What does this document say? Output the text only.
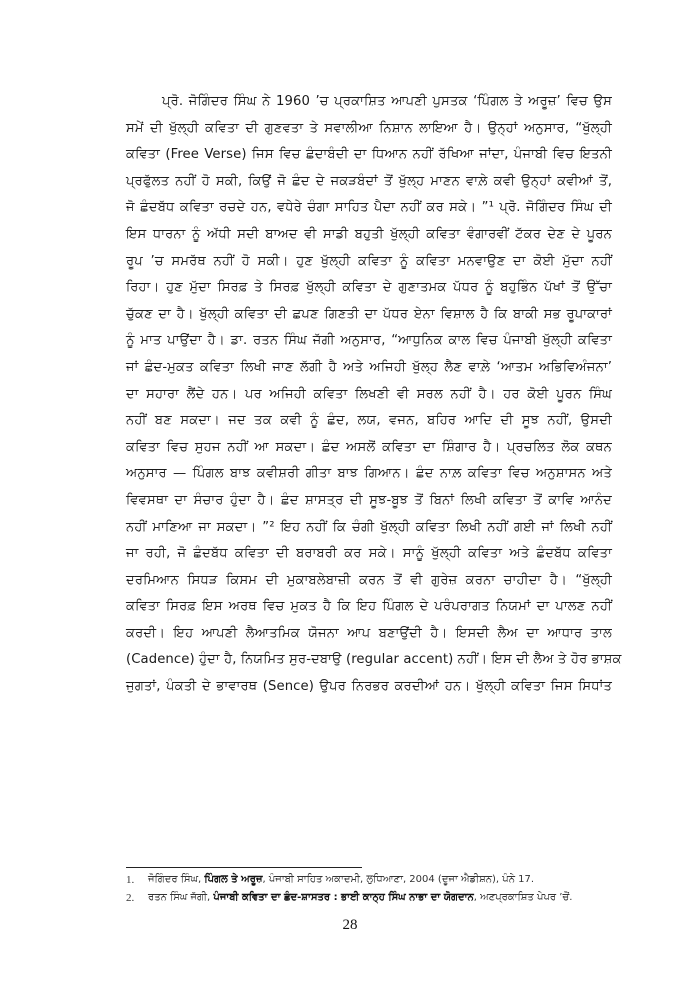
ਪ੍ਰੋ. ਜੋਗਿੰਦਰ ਸਿੰਘ ਨੇ 1960 ’ਚ ਪ੍ਰਕਾਸ਼ਿਤ ਆਪਣੀ ਪੁਸਤਕ ‘ਪਿੰਗਲ ਤੇ ਅਰੂਜ਼’ ਵਿਚ ਉਸ
ਸਮੇਂ ਦੀ ਖੁੱਲ੍ਹੀ ਕਵਿਤਾ ਦੀ ਗੁਣਵਤਾ ਤੇ ਸਵਾਲੀਆ ਨਿਸ਼ਾਨ ਲਾਇਆ ਹੈ। ਉਨ੍ਹਾਂ ਅਨੁਸਾਰ, “ਖੁੱਲ੍ਹੀ
ਕਵਿਤਾ (Free Verse) ਜਿਸ ਵਿਚ ਛੰਦਾਬੰਦੀ ਦਾ ਧਿਆਨ ਨਹੀਂ ਰੱਖਿਆ ਜਾਂਦਾ, ਪੰਜਾਬੀ ਵਿਚ ਇਤਨੀ
ਪ੍ਰਫੁੱਲਤ ਨਹੀਂ ਹੋ ਸਕੀ, ਕਿਉਂ ਜੋ ਛੰਦ ਦੇ ਜਕੜਬੰਦਾਂ ਤੋਂ ਖੁੱਲ੍ਹ ਮਾਣਨ ਵਾਲ਼ੇ ਕਵੀ ਉਨ੍ਹਾਂ ਕਵੀਆਂ ਤੋਂ,
ਜੋ ਛੰਦਬੱਧ ਕਵਿਤਾ ਰਚਦੇ ਹਨ, ਵਧੇਰੇ ਚੰਗਾ ਸਾਹਿਤ ਪੈਦਾ ਨਹੀਂ ਕਰ ਸਕੇ। ”¹ ਪ੍ਰੋ. ਜੋਗਿੰਦਰ ਸਿੰਘ ਦੀ
ਇਸ ਧਾਰਨਾ ਨੂੰ ਅੱਧੀ ਸਦੀ ਬਾਅਦ ਵੀ ਸਾਡੀ ਬਹੁਤੀ ਖੁੱਲ੍ਹੀ ਕਵਿਤਾ ਵੰਗਾਰਵੀਂ ਟੱਕਰ ਦੇਣ ਦੇ ਪੂਰਨ
ਰੂਪ ’ਚ ਸਮਰੱਥ ਨਹੀਂ ਹੋ ਸਕੀ। ਹੁਣ ਖੁੱਲ੍ਹੀ ਕਵਿਤਾ ਨੂੰ ਕਵਿਤਾ ਮਨਵਾਉਣ ਦਾ ਕੋਈ ਮੁੱਦਾ ਨਹੀਂ
ਰਿਹਾ। ਹੁਣ ਮੁੱਦਾ ਸਿਰਫ਼ ਤੇ ਸਿਰਫ਼ ਖੁੱਲ੍ਹੀ ਕਵਿਤਾ ਦੇ ਗੁਣਾਤਮਕ ਪੱਧਰ ਨੂੰ ਬਹੁਭਿੰਨ ਪੱਖਾਂ ਤੋਂ ਉੱਚਾ
ਚੁੱਕਣ ਦਾ ਹੈ। ਖੁੱਲ੍ਹੀ ਕਵਿਤਾ ਦੀ ਛਪਣ ਗਿਣਤੀ ਦਾ ਪੱਧਰ ਏਨਾ ਵਿਸ਼ਾਲ ਹੈ ਕਿ ਬਾਕੀ ਸਭ ਰੂਪਾਕਾਰਾਂ
ਨੂੰ ਮਾਤ ਪਾਉਂਦਾ ਹੈ। ਡਾ. ਰਤਨ ਸਿੰਘ ਜੱਗੀ ਅਨੁਸਾਰ, “ਆਧੁਨਿਕ ਕਾਲ ਵਿਚ ਪੰਜਾਬੀ ਖੁੱਲ੍ਹੀ ਕਵਿਤਾ
ਜਾਂ ਛੰਦ-ਮੁਕਤ ਕਵਿਤਾ ਲਿਖੀ ਜਾਣ ਲੱਗੀ ਹੈ ਅਤੇ ਅਜਿਹੀ ਖੁੱਲ੍ਹ ਲੈਣ ਵਾਲ਼ੇ ‘ਆਤਮ ਅਭਿਵਿਅੰਜਨਾ’
ਦਾ ਸਹਾਰਾ ਲੈਂਦੇ ਹਨ। ਪਰ ਅਜਿਹੀ ਕਵਿਤਾ ਲਿਖਣੀ ਵੀ ਸਰਲ ਨਹੀਂ ਹੈ। ਹਰ ਕੋਈ ਪੂਰਨ ਸਿੰਘ
ਨਹੀਂ ਬਣ ਸਕਦਾ। ਜਦ ਤਕ ਕਵੀ ਨੂੰ ਛੰਦ, ਲਯ, ਵਜਨ, ਬਹਿਰ ਆਦਿ ਦੀ ਸੂਝ ਨਹੀਂ, ਉਸਦੀ
ਕਵਿਤਾ ਵਿਚ ਸੁਹਜ ਨਹੀਂ ਆ ਸਕਦਾ। ਛੰਦ ਅਸਲੋਂ ਕਵਿਤਾ ਦਾ ਸ਼ਿੰਗਾਰ ਹੈ। ਪ੍ਰਚਲਿਤ ਲੋਕ ਕਥਨ
ਅਨੁਸਾਰ — ਪਿੰਗਲ ਬਾਝ ਕਵੀਸ਼ਰੀ ਗੀਤਾ ਬਾਝ ਗਿਆਨ। ਛੰਦ ਨਾਲ਼ ਕਵਿਤਾ ਵਿਚ ਅਨੁਸ਼ਾਸਨ ਅਤੇ
ਵਿਵਸਥਾ ਦਾ ਸੰਚਾਰ ਹੁੰਦਾ ਹੈ। ਛੰਦ ਸ਼ਾਸਤ੍ਰ ਦੀ ਸੂਝ-ਬੂਝ ਤੋਂ ਬਿਨਾਂ ਲਿਖੀ ਕਵਿਤਾ ਤੋਂ ਕਾਵਿ ਆਨੰਦ
ਨਹੀਂ ਮਾਣਿਆ ਜਾ ਸਕਦਾ। ”² ਇਹ ਨਹੀਂ ਕਿ ਚੰਗੀ ਖੁੱਲ੍ਹੀ ਕਵਿਤਾ ਲਿਖੀ ਨਹੀਂ ਗਈ ਜਾਂ ਲਿਖੀ ਨਹੀਂ
ਜਾ ਰਹੀ, ਜੋ ਛੰਦਬੱਧ ਕਵਿਤਾ ਦੀ ਬਰਾਬਰੀ ਕਰ ਸਕੇ। ਸਾਨੂੰ ਖੁੱਲ੍ਹੀ ਕਵਿਤਾ ਅਤੇ ਛੰਦਬੱਧ ਕਵਿਤਾ
ਦਰਮਿਆਨ ਸਿਧੜ ਕਿਸਮ ਦੀ ਮੁਕਾਬਲੇਬਾਜ਼ੀ ਕਰਨ ਤੋਂ ਵੀ ਗੁਰੇਜ਼ ਕਰਨਾ ਚਾਹੀਦਾ ਹੈ। “ਖੁੱਲ੍ਹੀ
ਕਵਿਤਾ ਸਿਰਫ਼ ਇਸ ਅਰਥ ਵਿਚ ਮੁਕਤ ਹੈ ਕਿ ਇਹ ਪਿੰਗਲ ਦੇ ਪਰੰਪਰਾਗਤ ਨਿਯਮਾਂ ਦਾ ਪਾਲਣ ਨਹੀਂ
ਕਰਦੀ। ਇਹ ਆਪਣੀ ਲੈਆਤਮਿਕ ਯੋਜਨਾ ਆਪ ਬਣਾਉਂਦੀ ਹੈ। ਇਸਦੀ ਲੈਅ ਦਾ ਆਧਾਰ ਤਾਲ
(Cadence) ਹੁੰਦਾ ਹੈ, ਨਿਯਮਿਤ ਸੁਰ-ਦਬਾਉ (regular accent) ਨਹੀਂ। ਇਸ ਦੀ ਲੈਅ ਤੇ ਹੋਰ ਭਾਸ਼ਕ
ਜੁਗਤਾਂ, ਪੰਕਤੀ ਦੇ ਭਾਵਾਰਥ (Sence) ਉਪਰ ਨਿਰਭਰ ਕਰਦੀਆਂ ਹਨ। ਖੁੱਲ੍ਹੀ ਕਵਿਤਾ ਜਿਸ ਸਿਧਾਂਤ
1.	ਜੋਗਿੰਦਰ ਸਿੰਘ, ਪਿੰਗਲ ਤੇ ਅਰੂਜ਼, ਪੰਜਾਬੀ ਸਾਹਿਤ ਅਕਾਦਮੀ, ਲੁਧਿਆਣਾ, 2004 (ਦੂਜਾ ਐਡੀਸ਼ਨ), ਪੰਨੇ 17.
2.	ਰਤਨ ਸਿੰਘ ਜੱਗੀ, ਪੰਜਾਬੀ ਕਵਿਤਾ ਦਾ ਛੰਦ-ਸ਼ਾਸਤਰ : ਭਾਈ ਕਾਨ੍ਹ ਸਿੰਘ ਨਾਭਾ ਦਾ ਯੋਗਦਾਨ, ਅਣਪ੍ਰਕਾਸ਼ਿਤ ਪੇਪਰ ’ਚੋਂ.
28
